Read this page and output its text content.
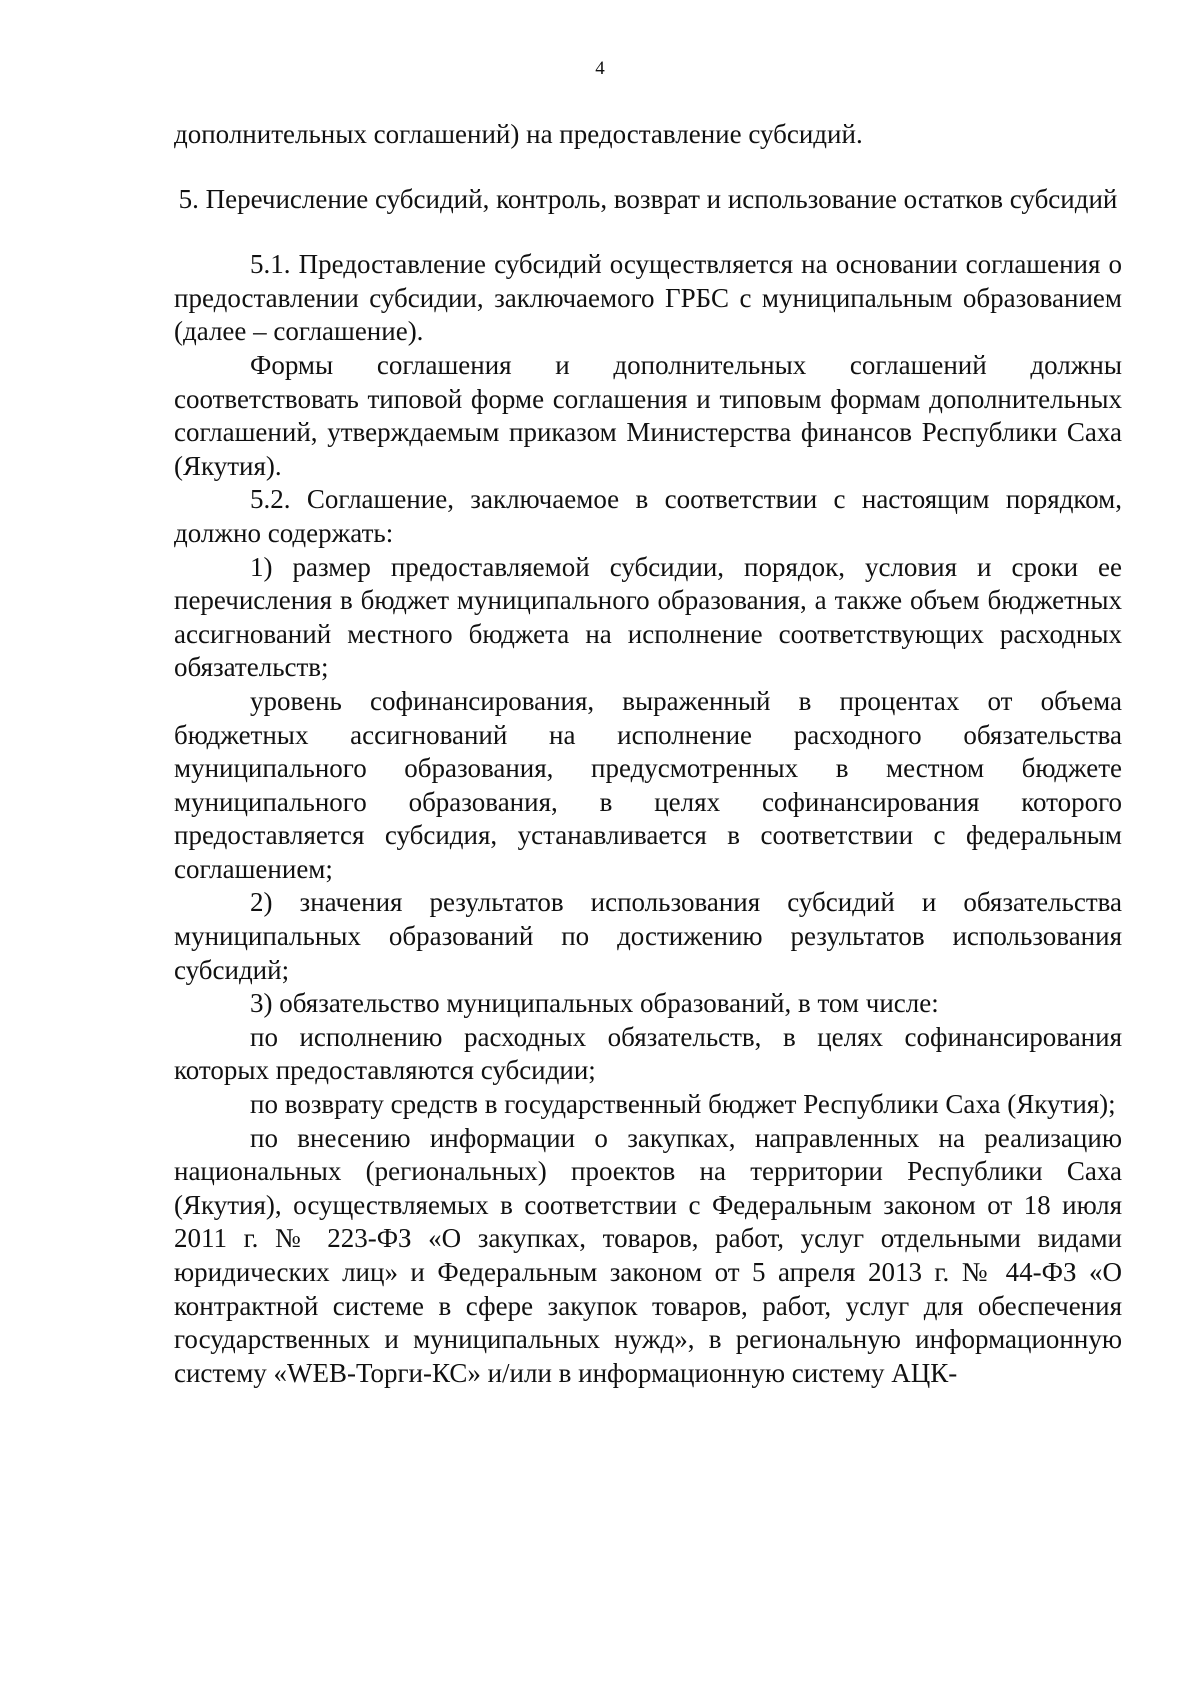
4

дополнительных соглашений) на предоставление субсидий.

5. Перечисление субсидий, контроль, возврат и использование остатков субсидий

5.1. Предоставление субсидий осуществляется на основании соглашения о предоставлении субсидии, заключаемого ГРБС с муниципальным образованием (далее – соглашение).

Формы соглашения и дополнительных соглашений должны соответствовать типовой форме соглашения и типовым формам дополнительных соглашений, утверждаемым приказом Министерства финансов Республики Саха (Якутия).

5.2. Соглашение, заключаемое в соответствии с настоящим порядком, должно содержать:

1) размер предоставляемой субсидии, порядок, условия и сроки ее перечисления в бюджет муниципального образования, а также объем бюджетных ассигнований местного бюджета на исполнение соответствующих расходных обязательств;

уровень софинансирования, выраженный в процентах от объема бюджетных ассигнований на исполнение расходного обязательства муниципального образования, предусмотренных в местном бюджете муниципального образования, в целях софинансирования которого предоставляется субсидия, устанавливается в соответствии с федеральным соглашением;

2) значения результатов использования субсидий и обязательства муниципальных образований по достижению результатов использования субсидий;

3) обязательство муниципальных образований, в том числе:

по исполнению расходных обязательств, в целях софинансирования которых предоставляются субсидии;

по возврату средств в государственный бюджет Республики Саха (Якутия);

по внесению информации о закупках, направленных на реализацию национальных (региональных) проектов на территории Республики Саха (Якутия), осуществляемых в соответствии с Федеральным законом от 18 июля 2011 г. № 223-ФЗ «О закупках, товаров, работ, услуг отдельными видами юридических лиц» и Федеральным законом от 5 апреля 2013 г. № 44-ФЗ «О контрактной системе в сфере закупок товаров, работ, услуг для обеспечения государственных и муниципальных нужд», в региональную информационную систему «WEB-Торги-КС» и/или в информационную систему АЦК-
